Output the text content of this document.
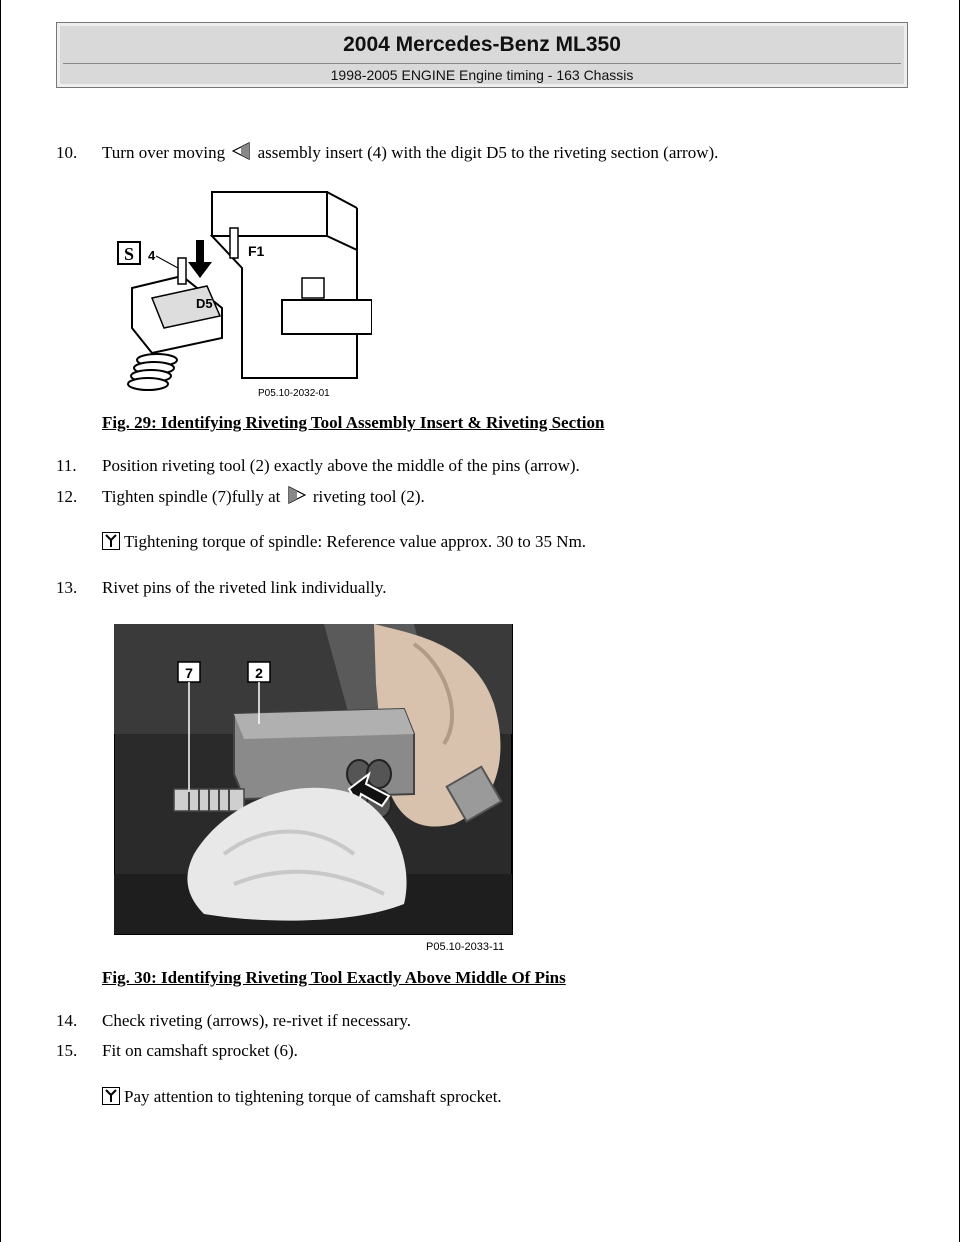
2004 Mercedes-Benz ML350
1998-2005 ENGINE Engine timing - 163 Chassis
10. Turn over moving assembly insert (4) with the digit D5 to the riveting section (arrow).
S 4
D5
F1
P05.10-2032-01
Fig. 29: Identifying Riveting Tool Assembly Insert & Riveting Section
11. Position riveting tool (2) exactly above the middle of the pins (arrow).
12. Tighten spindle (7)fully at riveting tool (2).
Tightening torque of spindle: Reference value approx. 30 to 35 Nm.
13. Rivet pins of the riveted link individually.
7	2
P05.10-2033-11
Fig. 30: Identifying Riveting Tool Exactly Above Middle Of Pins
14. Check riveting (arrows), re-rivet if necessary.
15. Fit on camshaft sprocket (6).
Pay attention to tightening torque of camshaft sprocket.
